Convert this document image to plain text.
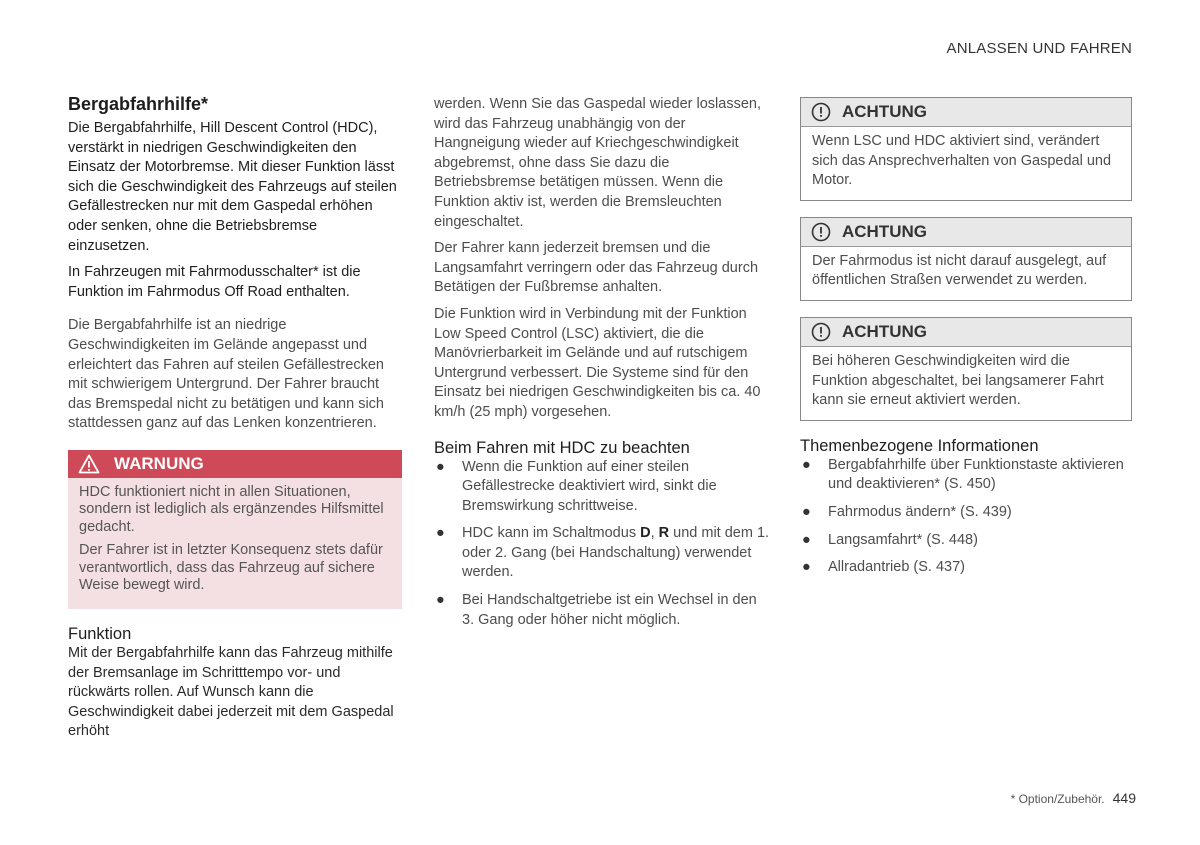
ANLASSEN UND FAHREN
Bergabfahrhilfe*

Die Bergabfahrhilfe, Hill Descent Control (HDC), verstärkt in niedrigen Geschwindigkeiten den Einsatz der Motorbremse. Mit dieser Funktion lässt sich die Geschwindigkeit des Fahrzeugs auf steilen Gefällestrecken nur mit dem Gaspedal erhöhen oder senken, ohne die Betriebsbremse einzusetzen.

In Fahrzeugen mit Fahrmodusschalter* ist die Funktion im Fahrmodus Off Road enthalten.

Die Bergabfahrhilfe ist an niedrige Geschwindigkeiten im Gelände angepasst und erleichtert das Fahren auf steilen Gefällestrecken mit schwierigem Untergrund. Der Fahrer braucht das Bremspedal nicht zu betätigen und kann sich stattdessen ganz auf das Lenken konzentrieren.

WARNUNG

HDC funktioniert nicht in allen Situationen, sondern ist lediglich als ergänzendes Hilfsmittel gedacht.

Der Fahrer ist in letzter Konsequenz stets dafür verantwortlich, dass das Fahrzeug auf sichere Weise bewegt wird.

Funktion

Mit der Bergabfahrhilfe kann das Fahrzeug mithilfe der Bremsanlage im Schritttempo vor- und rückwärts rollen. Auf Wunsch kann die Geschwindigkeit dabei jederzeit mit dem Gaspedal erhöht

werden. Wenn Sie das Gaspedal wieder loslassen, wird das Fahrzeug unabhängig von der Hangneigung wieder auf Kriechgeschwindigkeit abgebremst, ohne dass Sie dazu die Betriebsbremse betätigen müssen. Wenn die Funktion aktiv ist, werden die Bremsleuchten eingeschaltet.

Der Fahrer kann jederzeit bremsen und die Langsamfahrt verringern oder das Fahrzeug durch Betätigen der Fußbremse anhalten.

Die Funktion wird in Verbindung mit der Funktion Low Speed Control (LSC) aktiviert, die die Manövrierbarkeit im Gelände und auf rutschigem Untergrund verbessert. Die Systeme sind für den Einsatz bei niedrigen Geschwindigkeiten bis ca. 40 km/h (25 mph) vorgesehen.

Beim Fahren mit HDC zu beachten
● Wenn die Funktion auf einer steilen Gefällestrecke deaktiviert wird, sinkt die Bremswirkung schrittweise.
● HDC kann im Schaltmodus D, R und mit dem 1. oder 2. Gang (bei Handschaltung) verwendet werden.
● Bei Handschaltgetriebe ist ein Wechsel in den 3. Gang oder höher nicht möglich.
ACHTUNG
Wenn LSC und HDC aktiviert sind, verändert sich das Ansprechverhalten von Gaspedal und Motor.
ACHTUNG
Der Fahrmodus ist nicht darauf ausgelegt, auf öffentlichen Straßen verwendet zu werden.
ACHTUNG
Bei höheren Geschwindigkeiten wird die Funktion abgeschaltet, bei langsamerer Fahrt kann sie erneut aktiviert werden.
Themenbezogene Informationen
● Bergabfahrhilfe über Funktionstaste aktivieren und deaktivieren* (S. 450)
● Fahrmodus ändern* (S. 439)
● Langsamfahrt* (S. 448)
● Allradantrieb (S. 437)
* Option/Zubehör. 449
